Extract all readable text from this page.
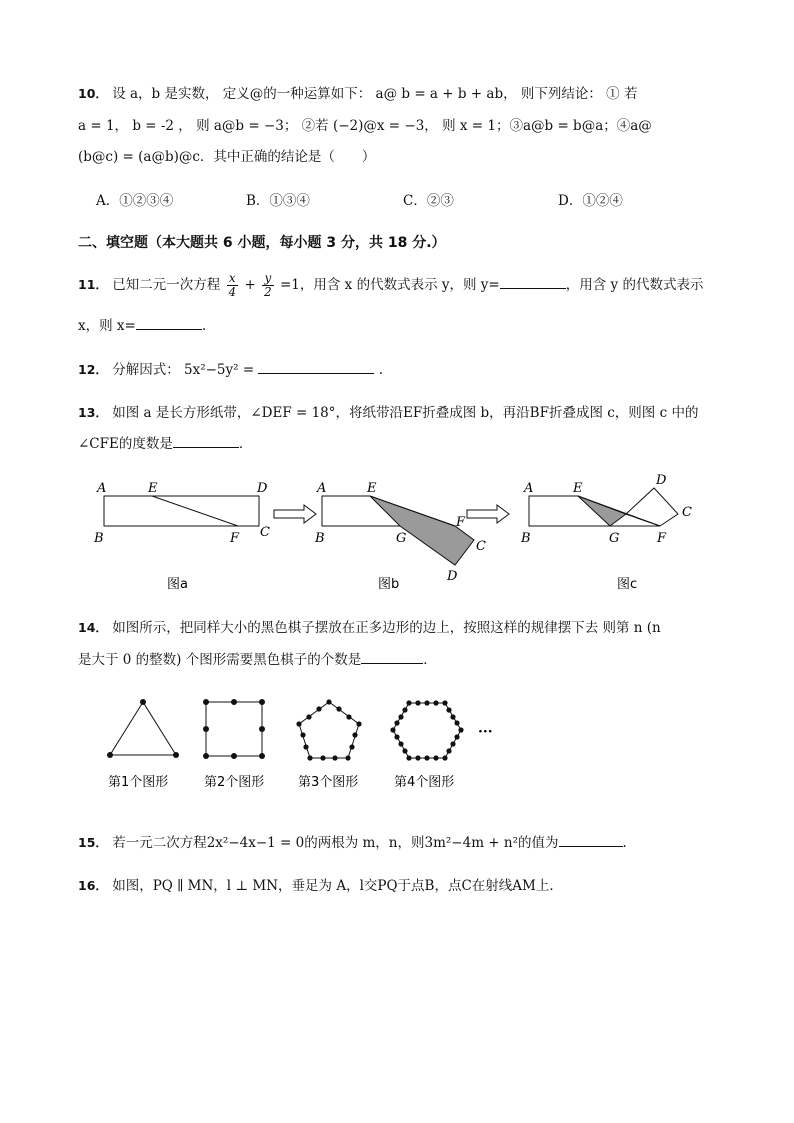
10． 设 a，b 是实数， 定义@的一种运算如下： a@ b = a + b + ab， 则下列结论： ① 若
a = 1， b = -2 ， 则 a@b = −3； ②若 (−2)@x = −3， 则 x = 1；③a@b = b@a；④a@
(b@c) = (a@b)@c．其中正确的结论是（　　）
A．①②③④	B．①③④	C．②③	D．①②④
二、填空题（本大题共 6 小题，每小题 3 分，共 18 分.）
11． 已知二元一次方程 $\frac{x}{4} + \frac{y}{2} =1$，用含 x 的代数式表示 y，则 y=	，用含 y 的代数式表示
x，则 x=	.
12． 分解因式： 5x²−5y² =	.
13． 如图 a 是长方形纸带，∠DEF = 18°，将纸带沿EF折叠成图 b，再沿BF折叠成图 c，则图 c 中的
∠CFE的度数是	．
A	E	D
B	F C
A	E
F
B	G
C
D
A	E
D
C
B	G	F
图a	图b	图c
14． 如图所示，把同样大小的黑色棋子摆放在正多边形的边上，按照这样的规律摆下去 则第 n (n
是大于 0 的整数) 个图形需要黑色棋子的个数是	．
···
第1个图形	第2个图形	第3个图形	第4个图形
15． 若一元二次方程2x²−4x−1 = 0的两根为 m，n，则3m²−4m + n²的值为	.
16． 如图，PQ ∥ MN，l ⊥ MN，垂足为 A，l交PQ于点B，点C在射线AM上．
